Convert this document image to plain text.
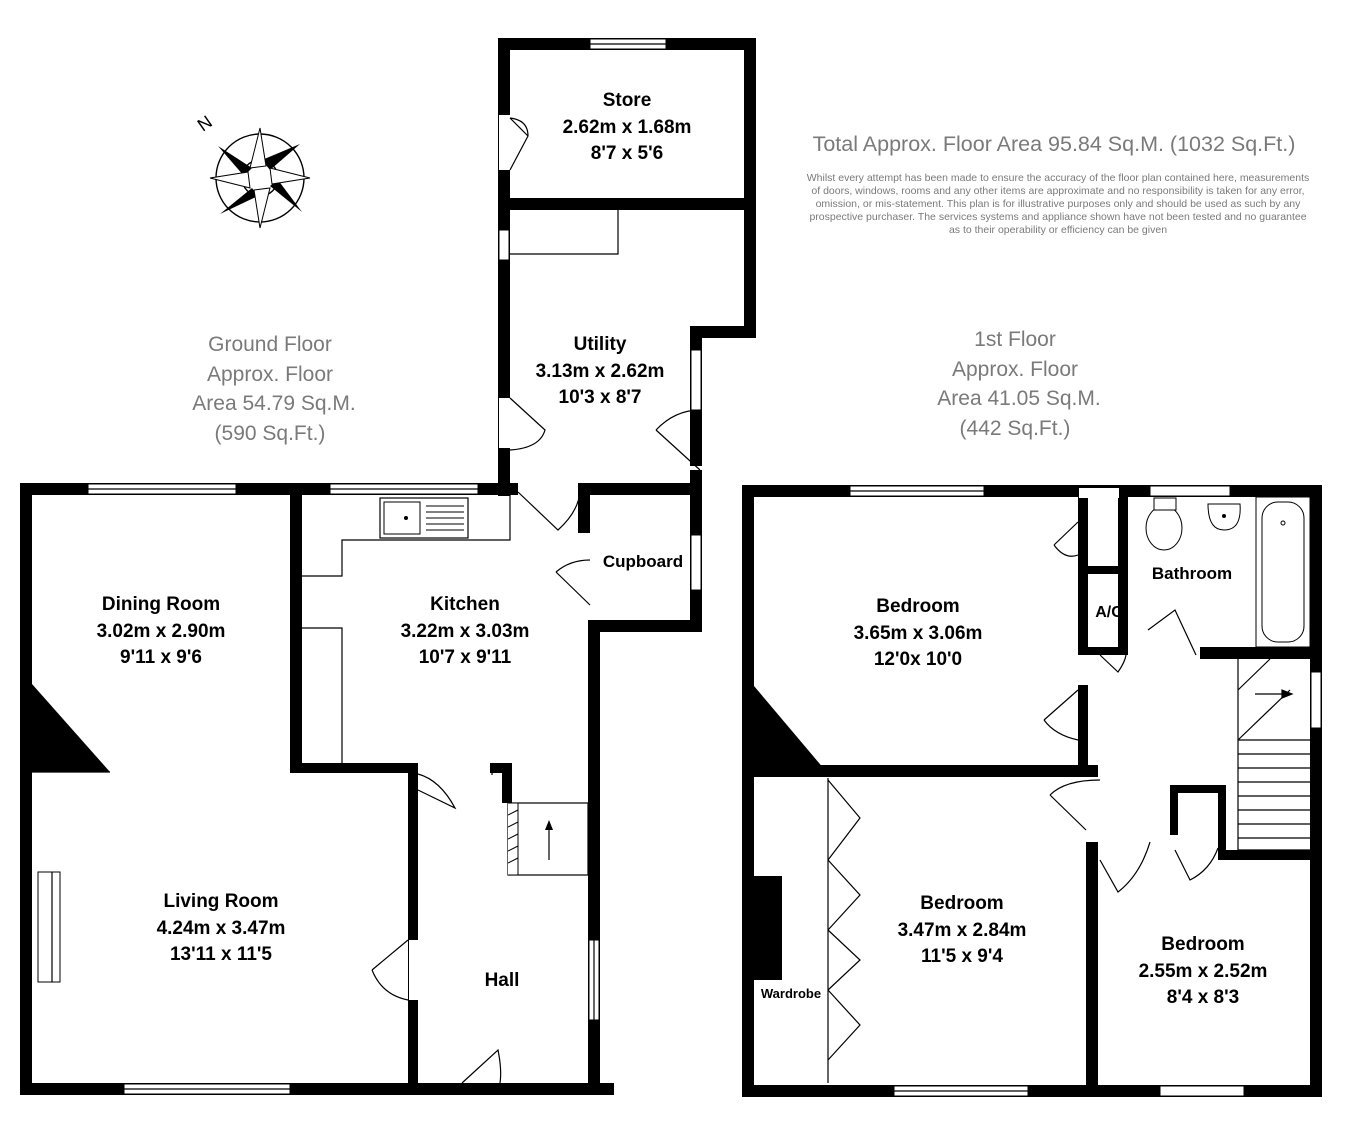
N
Total Approx. Floor Area 95.84 Sq.M. (1032 Sq.Ft.)
Whilst every attempt has been made to ensure the accuracy of the floor plan contained here, measurements
of doors, windows, rooms and any other items are approximate and no responsibility is taken for any error,
omission, or mis-statement. This plan is for illustrative purposes only and should be used as such by any
prospective purchaser. The services systems and appliance shown have not been tested and no guarantee
as to their operability or efficiency can be given
Ground Floor
Approx. Floor
Area 54.79 Sq.M.
(590 Sq.Ft.)
1st Floor
Approx. Floor
Area 41.05 Sq.M.
(442 Sq.Ft.)
Store
2.62m x 1.68m
8'7 x 5'6
Utility
3.13m x 2.62m
10'3 x 8'7
Dining Room
3.02m x 2.90m
9'11 x 9'6
Kitchen
3.22m x 3.03m
10'7 x 9'11
Cupboard
Living Room
4.24m x 3.47m
13'11 x 11'5
Hall
Bedroom
3.65m x 3.06m
12'0x 10'0
A/C
Bathroom
Bedroom
3.47m x 2.84m
11'5 x 9'4
Wardrobe
Bedroom
2.55m x 2.52m
8'4 x 8'3
